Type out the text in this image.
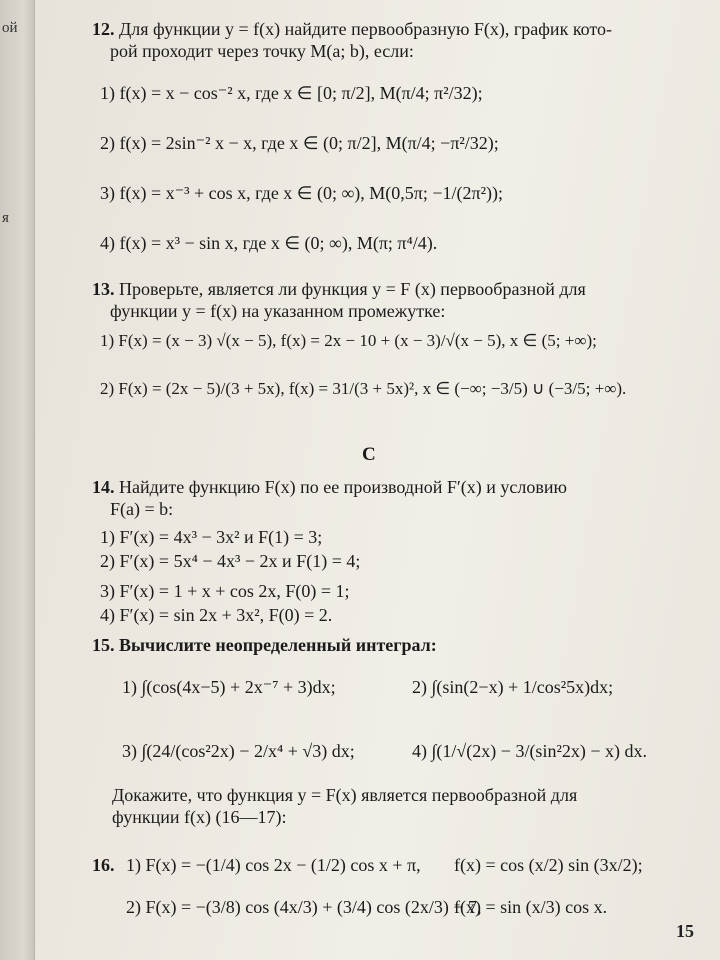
ой
я
12. Для функции y = f(x) найдите первообразную F(x), график кото-
рой проходит через точку M(a; b), если:
1) f(x) = x − cos⁻² x, где x ∈ [0; π/2], M(π/4; π²/32);
2) f(x) = 2sin⁻² x − x, где x ∈ (0; π/2], M(π/4; −π²/32);
3) f(x) = x⁻³ + cos x, где x ∈ (0; ∞), M(0,5π; −1/(2π²));
4) f(x) = x³ − sin x, где x ∈ (0; ∞), M(π; π⁴/4).
13. Проверьте, является ли функция y = F (x) первообразной для
функции y = f(x) на указанном промежутке:
1) F(x) = (x − 3) √(x − 5), f(x) = 2x − 10 + (x − 3)/√(x − 5), x ∈ (5; +∞);
2) F(x) = (2x − 5)/(3 + 5x), f(x) = 31/(3 + 5x)², x ∈ (−∞; −3/5) ∪ (−3/5; +∞).
C
14. Найдите функцию F(x) по ее производной F′(x) и условию
F(a) = b:
1) F′(x) = 4x³ − 3x² и F(1) = 3;
2) F′(x) = 5x⁴ − 4x³ − 2x и F(1) = 4;
3) F′(x) = 1 + x + cos 2x, F(0) = 1;
4) F′(x) = sin 2x + 3x², F(0) = 2.
15. Вычислите неопределенный интеграл:
1) ∫(cos(4x−5) + 2x⁻⁷ + 3)dx;	2) ∫(sin(2−x) + 1/cos²5x)dx;
3) ∫(24/(cos²2x) − 2/x⁴ + √3) dx;	4) ∫(1/√(2x) − 3/(sin²2x) − x) dx.
Докажите, что функция y = F(x) является первообразной для
функции f(x) (16—17):
16. 1) F(x) = −(1/4) cos 2x − (1/2) cos x + π, f(x) = cos (x/2) sin (3x/2);
2) F(x) = −(3/8) cos (4x/3) + (3/4) cos (2x/3) − 7,
f(x) = sin (x/3) cos x.
15
